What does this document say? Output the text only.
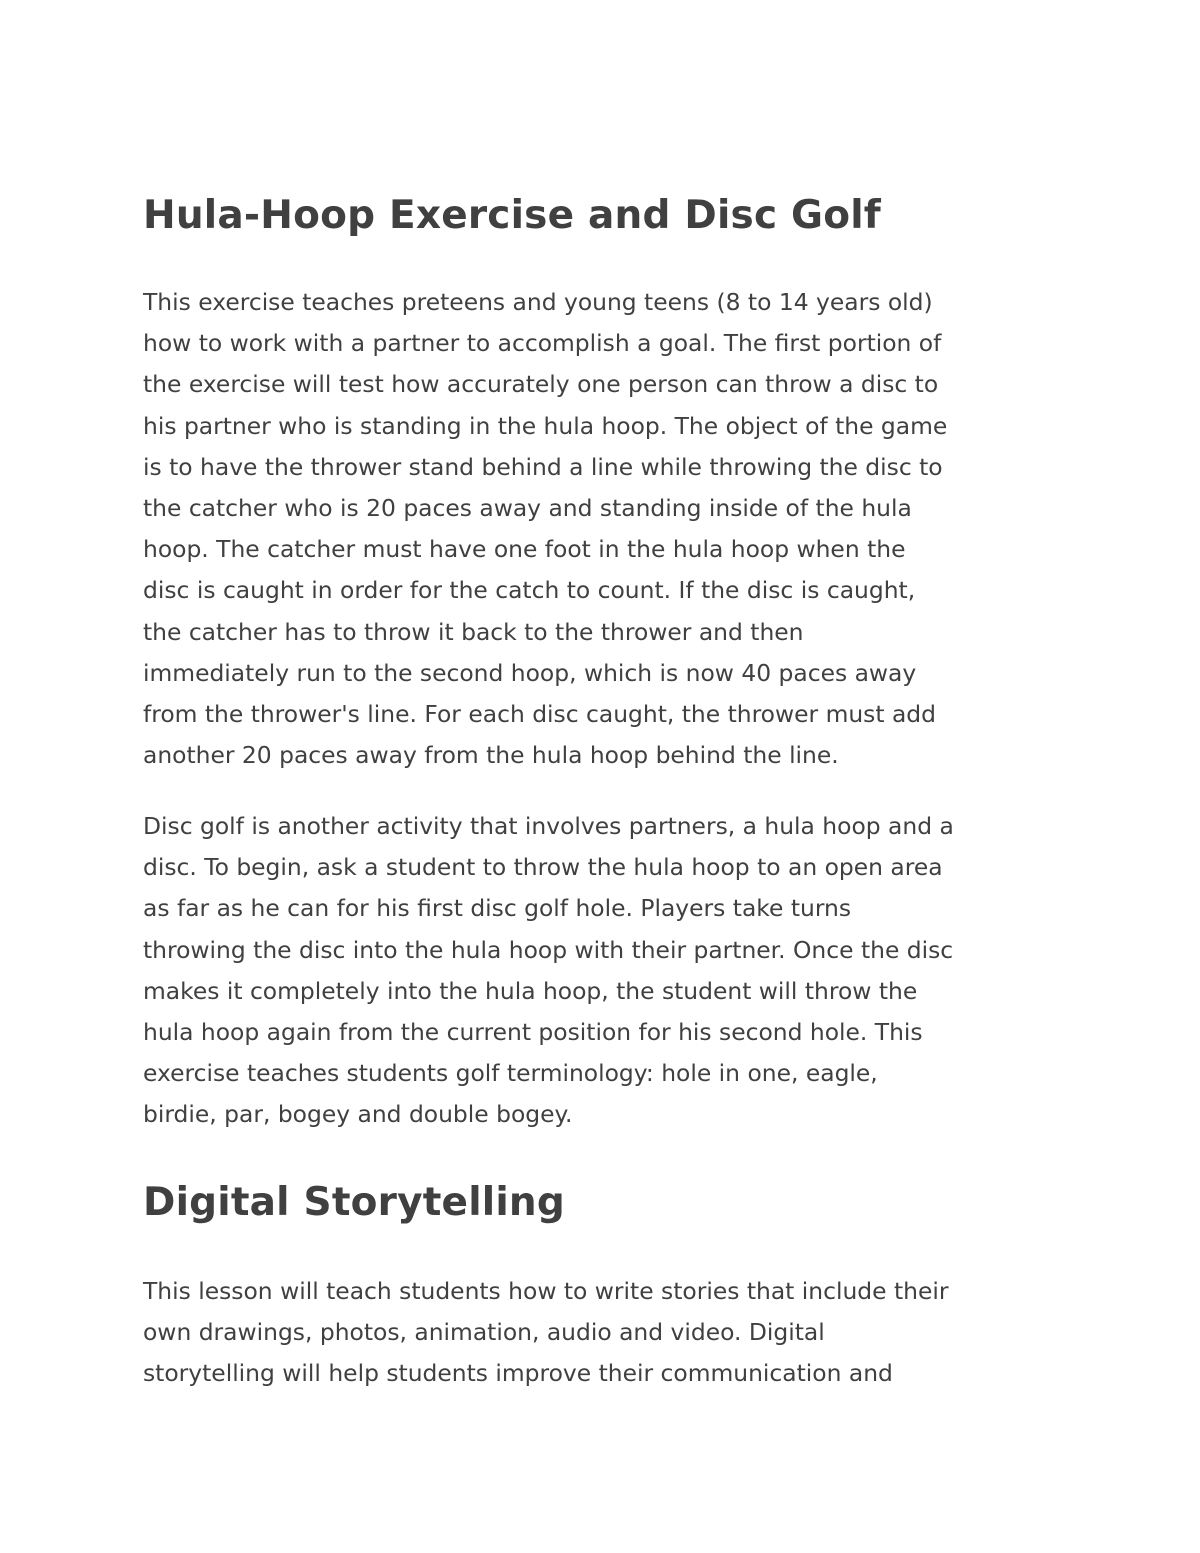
Hula-Hoop Exercise and Disc Golf

This exercise teaches preteens and young teens (8 to 14 years old)
how to work with a partner to accomplish a goal. The first portion of
the exercise will test how accurately one person can throw a disc to
his partner who is standing in the hula hoop. The object of the game
is to have the thrower stand behind a line while throwing the disc to
the catcher who is 20 paces away and standing inside of the hula
hoop. The catcher must have one foot in the hula hoop when the
disc is caught in order for the catch to count. If the disc is caught,
the catcher has to throw it back to the thrower and then
immediately run to the second hoop, which is now 40 paces away
from the thrower's line. For each disc caught, the thrower must add
another 20 paces away from the hula hoop behind the line.

Disc golf is another activity that involves partners, a hula hoop and a
disc. To begin, ask a student to throw the hula hoop to an open area
as far as he can for his first disc golf hole. Players take turns
throwing the disc into the hula hoop with their partner. Once the disc
makes it completely into the hula hoop, the student will throw the
hula hoop again from the current position for his second hole. This
exercise teaches students golf terminology: hole in one, eagle,
birdie, par, bogey and double bogey.

Digital Storytelling

This lesson will teach students how to write stories that include their
own drawings, photos, animation, audio and video. Digital
storytelling will help students improve their communication and
